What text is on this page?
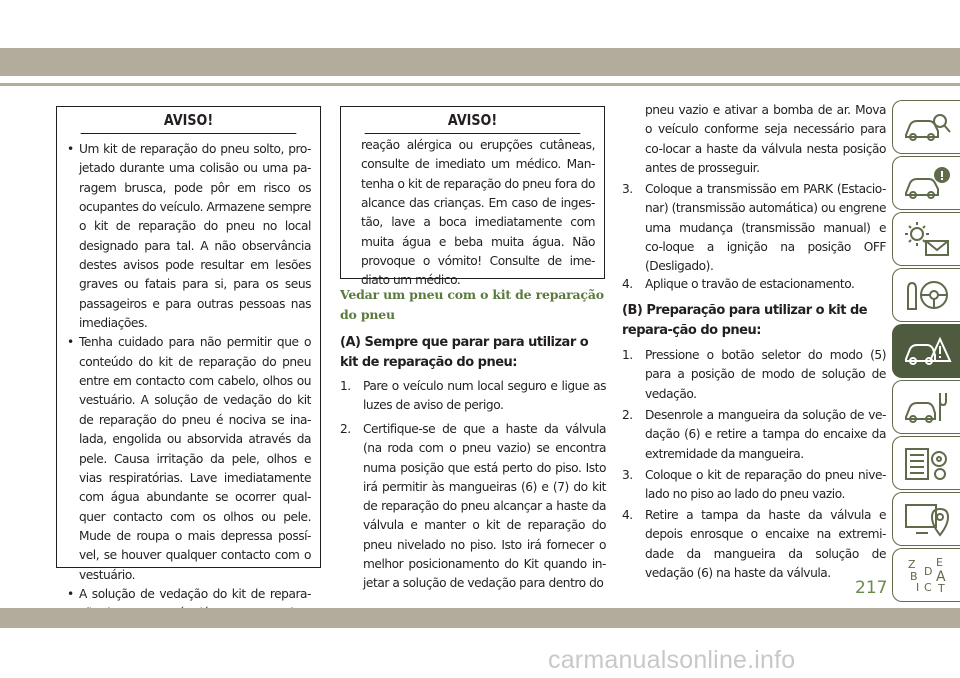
AVISO!
• Um kit de reparação do pneu solto, pro-jetado durante uma colisão ou uma pa-ragem brusca, pode pôr em risco os ocupantes do veículo. Armazene sempre o kit de reparação do pneu no local designado para tal. A não observância destes avisos pode resultar em lesões graves ou fatais para si, para os seus passageiros e para outras pessoas nas imediações.
• Tenha cuidado para não permitir que o conteúdo do kit de reparação do pneu entre em contacto com cabelo, olhos ou vestuário. A solução de vedação do kit de reparação do pneu é nociva se ina-lada, engolida ou absorvida através da pele. Causa irritação da pele, olhos e vias respiratórias. Lave imediatamente com água abundante se ocorrer qual-quer contacto com os olhos ou pele. Mude de roupa o mais depressa possí-vel, se houver qualquer contacto com o vestuário.
• A solução de vedação do kit de repara-
AVISO!
reação alérgica ou erupções cutâneas, consulte de imediato um médico. Man-tenha o kit de reparação do pneu fora do alcance das crianças. Em caso de inges-tão, lave a boca imediatamente com muita água e beba muita água. Não provoque o vómito! Consulte de ime-diato um médico.
Vedar um pneu com o kit de reparação do pneu
(A) Sempre que parar para utilizar o kit de reparação do pneu:
1. Pare o veículo num local seguro e ligue as luzes de aviso de perigo.
2. Certifique-se de que a haste da válvula (na roda com o pneu vazio) se encontra numa posição que está perto do piso. Isto irá permitir às mangueiras (6) e (7) do kit de reparação do pneu alcançar a haste da válvula e manter o kit de reparação do pneu nivelado no piso. Isto irá fornecer o melhor posicionamento do Kit quando in-jetar a solução de vedação para dentro do
pneu vazio e ativar a bomba de ar. Mova o veículo conforme seja necessário para co-locar a haste da válvula nesta posição antes de prosseguir.
3. Coloque a transmissão em PARK (Estacio-nar) (transmissão automática) ou engrene uma mudança (transmissão manual) e co-loque a ignição na posição OFF (Desligado).
4. Aplique o travão de estacionamento.
(B) Preparação para utilizar o kit de repara-ção do pneu:
1. Pressione o botão seletor do modo (5) para a posição de modo de solução de vedação.
2. Desenrole a mangueira da solução de ve-dação (6) e retire a tampa do encaixe da extremidade da mangueira.
3. Coloque o kit de reparação do pneu nive-lado no piso ao lado do pneu vazio.
4. Retire a tampa da haste da válvula e depois enrosque o encaixe na extremi-dade da mangueira da solução de vedação (6) na haste da válvula.
Z E
B D A
I C T
217
carmanualsonline.info
